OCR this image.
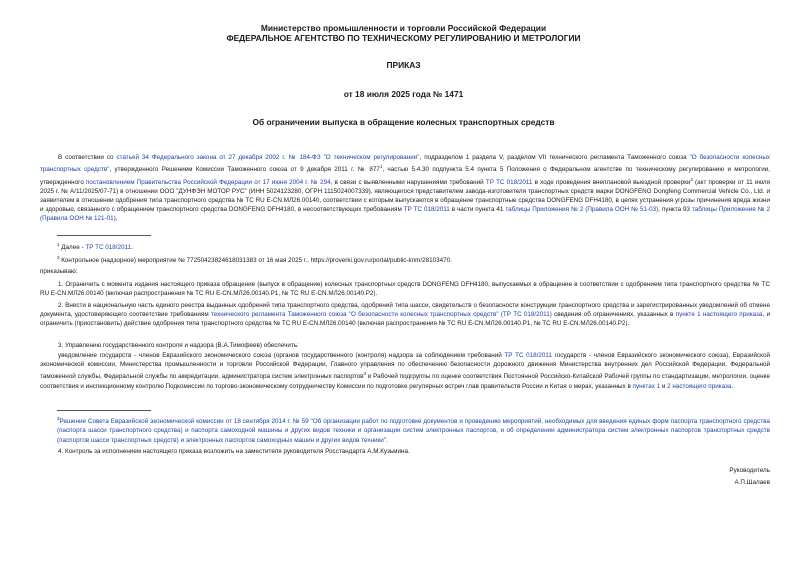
Министерство промышленности и торговли Российской Федерации
ФЕДЕРАЛЬНОЕ АГЕНТСТВО ПО ТЕХНИЧЕСКОМУ РЕГУЛИРОВАНИЮ И МЕТРОЛОГИИ
ПРИКАЗ
от 18 июля 2025 года № 1471
Об ограничении выпуска в обращение колесных транспортных средств
В соответствии со статьей 34 Федерального закона от 27 декабря 2002 г. № 184-ФЗ "О техническом регулировании", подразделом 1 раздела V, разделом VII технического регламента Таможенного союза "О безопасности колесных транспортных средств", утвержденного Решением Комиссии Таможенного союза от 9 декабря 2011 г. № $877^1$, частью 5.4.30 подпункта 5.4 пункта 5 Положения о Федеральном агентстве по техническому регулированию и метрологии, утвержденного постановлением Правительства Российской Федерации от 17 июня 2004 г. № 294, в связи с выявленными нарушениями требований ТР ТС 018/2011 в ходе проведения внеплановой выездной проверки$^2$ (акт проверки от 11 июля 2025 г. № А/11/2025/07-71) в отношении ООО "ДУНФЭН МОТОР РУС" (ИНН 5024123280, ОГРН 1115024007339), являющегося представителем завода-изготовителя транспортных средств марки DONGFENG Dongfeng Commercial Vehicle Co., Ltd. и заявителем в отношении одобрения типа транспортного средства № TC RU E-CN.МЛ26.00140, соответствии с которым выпускаются в обращение транспортные средства DONGFENG DFH4180, в целях устранения угрозы причинения вреда жизни и здоровью, связанного с обращением транспортного средства DONGFENG DFH4180, в несоответствующих требованиям ТР ТС 018/2011 в части пункта 41 таблицы Приложения № 2 (Правила ООН № 51-03), пункта 93 таблицы Приложения № 2 (Правила ООН № 121-01),
$^1$ Далее - ТР ТС 018/2011.
$^2$ Контрольное (надзорное) мероприятие № 77250423824618031383 от 16 мая 2025 г., https://proverki.gov.ru/portal/public-knm/28103470.
приказываю:
1. Ограничить с момента издания настоящего приказа обращение (выпуск в обращение) колесных транспортных средств DONGFENG DFH4180, выпускаемых в обращение в соответствии с одобрением типа транспортного средства № TC RU E-CN.МЛ26.00140 (включая распространения № TC RU E-CN.МЛ26.00140.P1, № TC RU E-CN.МЛ26.00140.P2).
2. Внести в национальную часть единого реестра выданных одобрений типа транспортного средства, одобрений типа шасси, свидетельств о безопасности конструкции транспортного средства и зарегистрированных уведомлений об отмене документа, удостоверяющего соответствие требованиям технического регламента Таможенного союза "О безопасности колесных транспортных средств" (ТР ТС 018/2011) сведения об ограничениях, указанных в пункте 1 настоящего приказа, и ограничить (приостановить) действие одобрения типа транспортного средства № TC RU E-CN.МЛ26.00140 (включая распространения № TC RU E-CN.МЛ26.00140.P1, № TC RU E-CN.МЛ26.00140.P2).
3. Управлению государственного контроля и надзора (В.А.Тимофеев) обеспечить:
уведомление государств - членов Евразийского экономического союза (органов государственного (контроля) надзора за соблюдением требований ТР ТС 018/2011 государств - членов Евразийского экономического союза), Евразийской экономической комиссии, Министерства промышленности и торговли Российской Федерации, Главного управления по обеспечению безопасности дорожного движения Министерства внутренних дел Российской Федерации, Федеральной таможенной службы, Федеральной службы по аккредитации, администратора систем электронных паспортов$^3$ и Рабочей подгруппы по оценке соответствия Постоянной Российско-Китайской Рабочей группы по стандартизации, метрологии, оценке соответствия и инспекционному контролю Подкомиссии по торгово-экономическому сотрудничеству Комиссии по подготовке регулярных встреч глав правительств России и Китая о мерах, указанных в пунктах 1 и 2 настоящего приказа.
$^3$Решение Совета Евразийской экономической комиссии от 18 сентября 2014 г. № 59 "Об организации работ по подготовке документов и проведению мероприятий, необходимых для введения единых форм паспорта транспортного средства (паспорта шасси транспортного средства) и паспорта самоходной машины и других видов техники и организации систем электронных паспортов, и об определении администратора систем электронных паспортов транспортных средств (паспортов шасси транспортных средств) и электронных паспортов самоходных машин и других видов техники".
4. Контроль за исполнением настоящего приказа возложить на заместителя руководителя Росстандарта А.М.Кузьмина.
Руководитель
А.П.Шалаев
